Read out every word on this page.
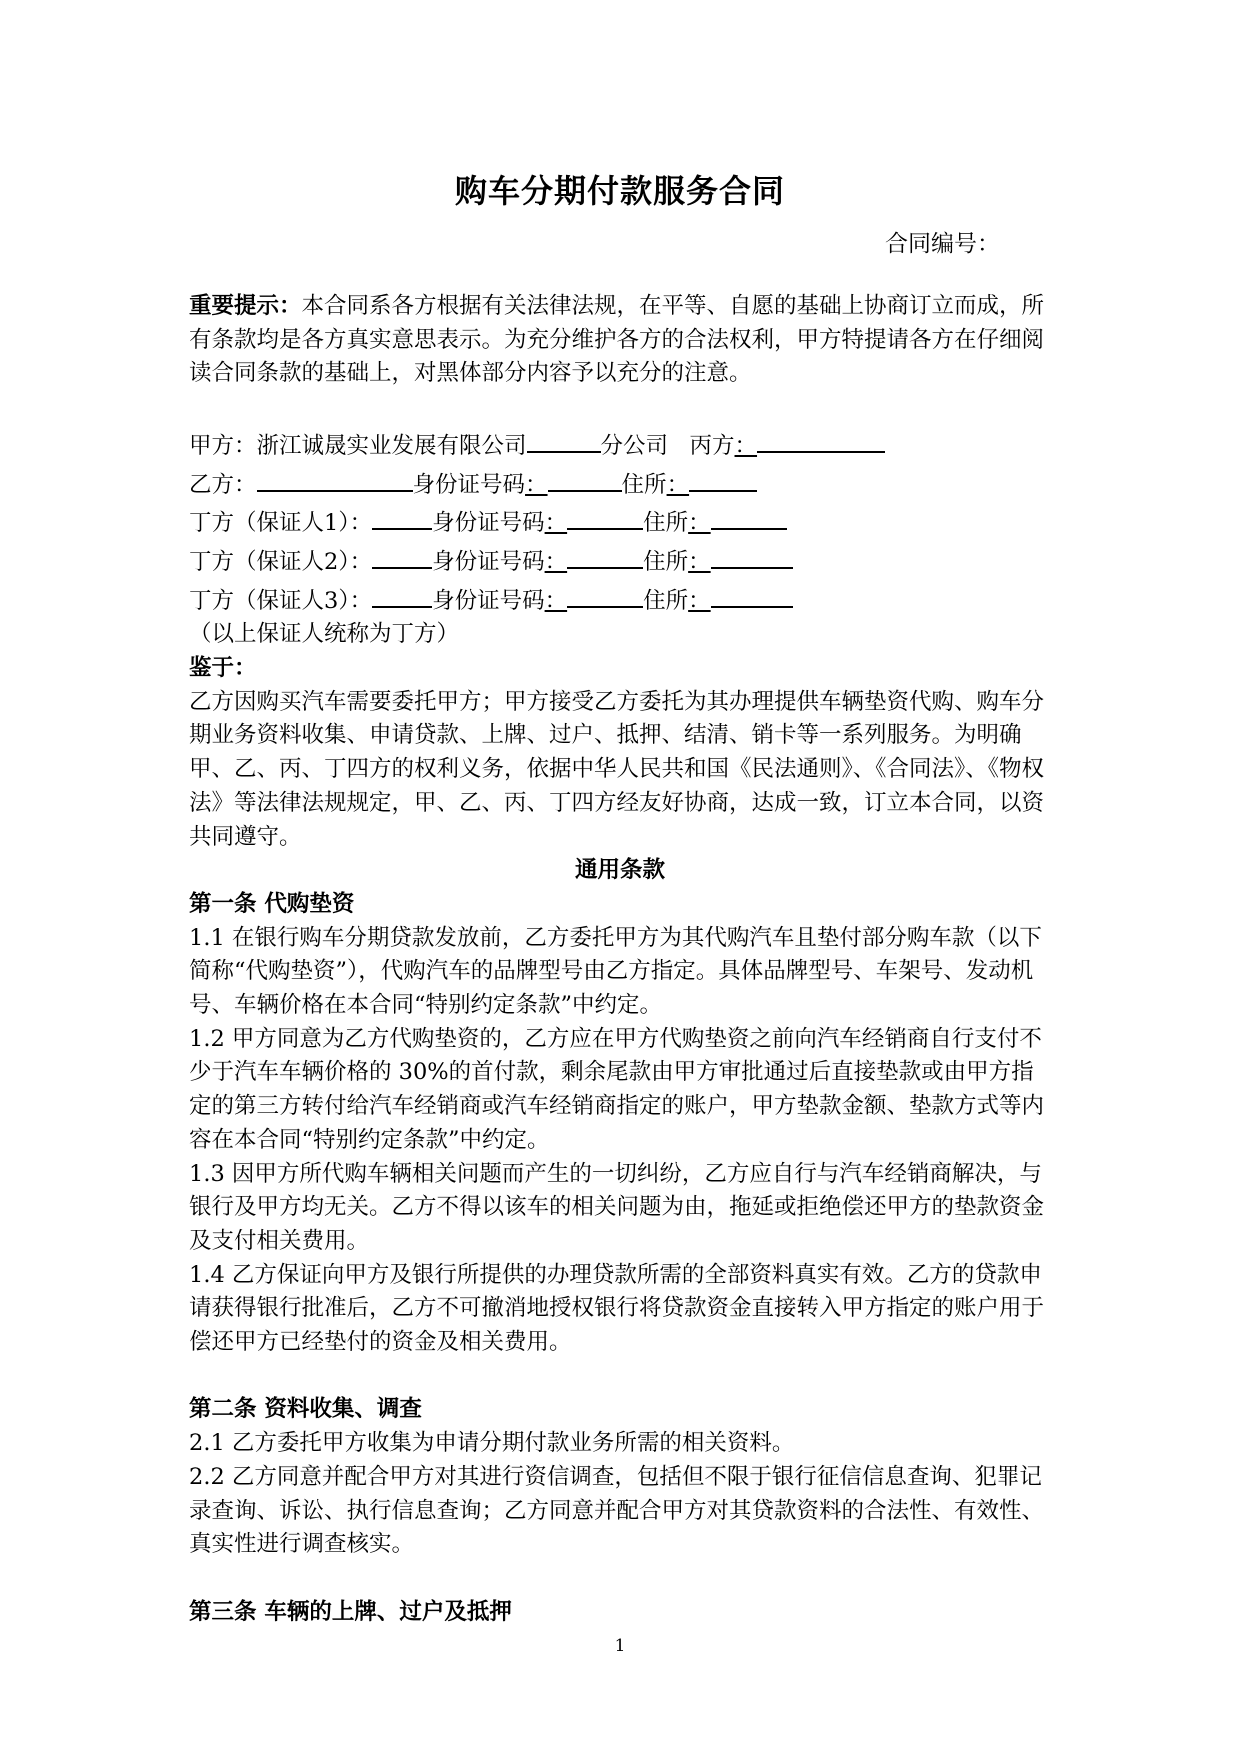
购车分期付款服务合同
合同编号：

重要提示：本合同系各方根据有关法律法规，在平等、自愿的基础上协商订立而成，所有条款均是各方真实意思表示。为充分维护各方的合法权利，甲方特提请各方在仔细阅读合同条款的基础上，对黑体部分内容予以充分的注意。

甲方：浙江诚晟实业发展有限公司	分公司 丙方：

乙方：	身份证号码：	住所：

丁方（保证人1）：	身份证号码：	住所：

丁方（保证人2）：	身份证号码：	住所：

丁方（保证人3）：	身份证号码：	住所：

（以上保证人统称为丁方）

鉴于：

乙方因购买汽车需要委托甲方；甲方接受乙方委托为其办理提供车辆垫资代购、购车分期业务资料收集、申请贷款、上牌、过户、抵押、结清、销卡等一系列服务。为明确甲、乙、丙、丁四方的权利义务，依据中华人民共和国《民法通则》、《合同法》、《物权法》等法律法规规定，甲、乙、丙、丁四方经友好协商，达成一致，订立本合同，以资共同遵守。

通用条款

第一条 代购垫资

1.1 在银行购车分期贷款发放前，乙方委托甲方为其代购汽车且垫付部分购车款（以下简称“代购垫资”），代购汽车的品牌型号由乙方指定。具体品牌型号、车架号、发动机号、车辆价格在本合同“特别约定条款”中约定。

1.2 甲方同意为乙方代购垫资的，乙方应在甲方代购垫资之前向汽车经销商自行支付不少于汽车车辆价格的 30%的首付款，剩余尾款由甲方审批通过后直接垫款或由甲方指定的第三方转付给汽车经销商或汽车经销商指定的账户，甲方垫款金额、垫款方式等内容在本合同“特别约定条款”中约定。

1.3 因甲方所代购车辆相关问题而产生的一切纠纷，乙方应自行与汽车经销商解决，与银行及甲方均无关。乙方不得以该车的相关问题为由，拖延或拒绝偿还甲方的垫款资金及支付相关费用。

1.4 乙方保证向甲方及银行所提供的办理贷款所需的全部资料真实有效。乙方的贷款申请获得银行批准后，乙方不可撤消地授权银行将贷款资金直接转入甲方指定的账户用于偿还甲方已经垫付的资金及相关费用。

第二条 资料收集、调查

2.1 乙方委托甲方收集为申请分期付款业务所需的相关资料。

2.2 乙方同意并配合甲方对其进行资信调查，包括但不限于银行征信信息查询、犯罪记录查询、诉讼、执行信息查询；乙方同意并配合甲方对其贷款资料的合法性、有效性、真实性进行调查核实。

第三条 车辆的上牌、过户及抵押

1
